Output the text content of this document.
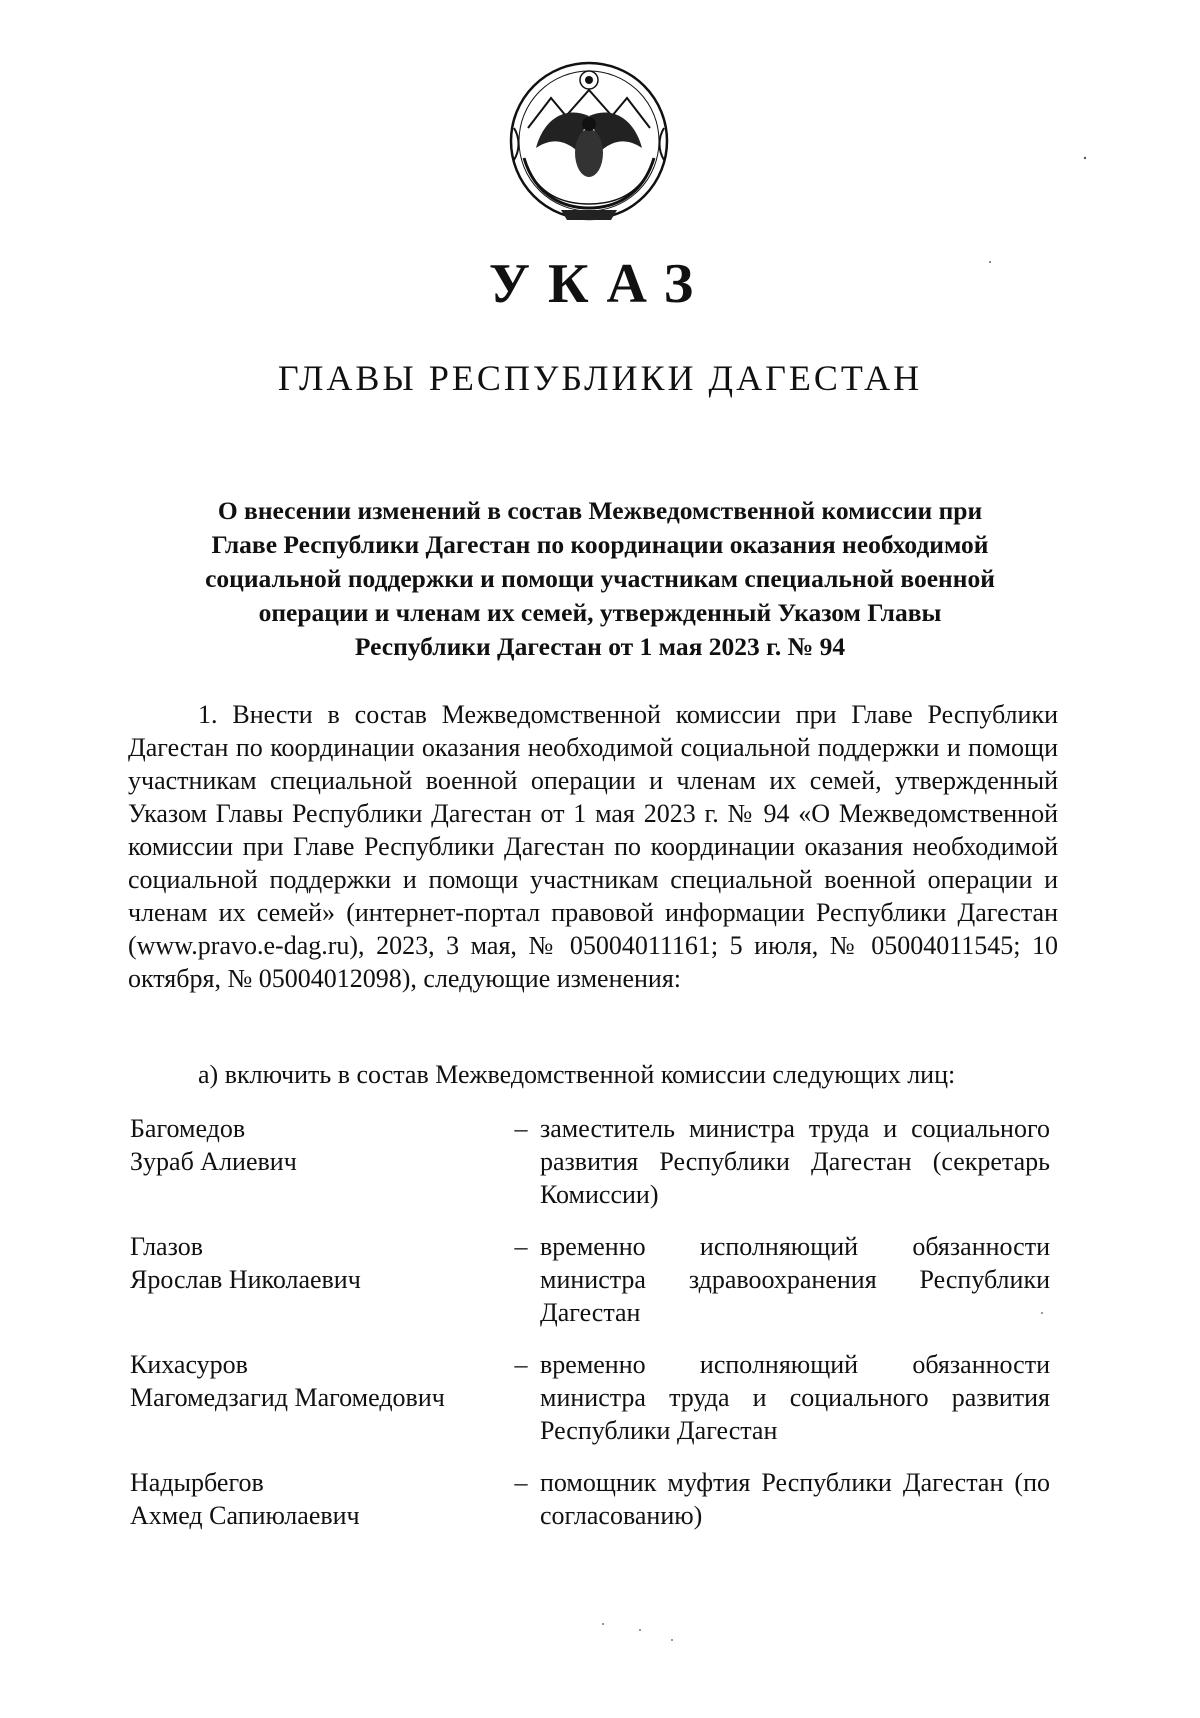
УКАЗ
ГЛАВЫ РЕСПУБЛИКИ ДАГЕСТАН
О внесении изменений в состав Межведомственной комиссии при
Главе Республики Дагестан по координации оказания необходимой
социальной поддержки и помощи участникам специальной военной
операции и членам их семей, утвержденный Указом Главы
Республики Дагестан от 1 мая 2023 г. № 94
1. Внести в состав Межведомственной комиссии при Главе Республики Дагестан по координации оказания необходимой социальной поддержки и помощи участникам специальной военной операции и членам их семей, утвержденный Указом Главы Республики Дагестан от 1 мая 2023 г. № 94 «О Межведомственной комиссии при Главе Республики Дагестан по координации оказания необходимой социальной поддержки и помощи участникам специальной военной операции и членам их семей» (интернет-портал правовой информации Республики Дагестан (www.pravo.e-dag.ru), 2023, 3 мая, № 05004011161; 5 июля, № 05004011545; 10 октября, № 05004012098), следующие изменения:
а) включить в состав Межведомственной комиссии следующих лиц:
Багомедов
Зураб Алиевич
– заместитель министра труда и социального развития Республики Дагестан (секретарь Комиссии)
Глазов
Ярослав Николаевич
– временно исполняющий обязанности министра здравоохранения Республики Дагестан
Кихасуров
Магомедзагид Магомедович
– временно исполняющий обязанности министра труда и социального развития Республики Дагестан
Надырбегов
Ахмед Сапиюлаевич
– помощник муфтия Республики Дагестан (по согласованию)
